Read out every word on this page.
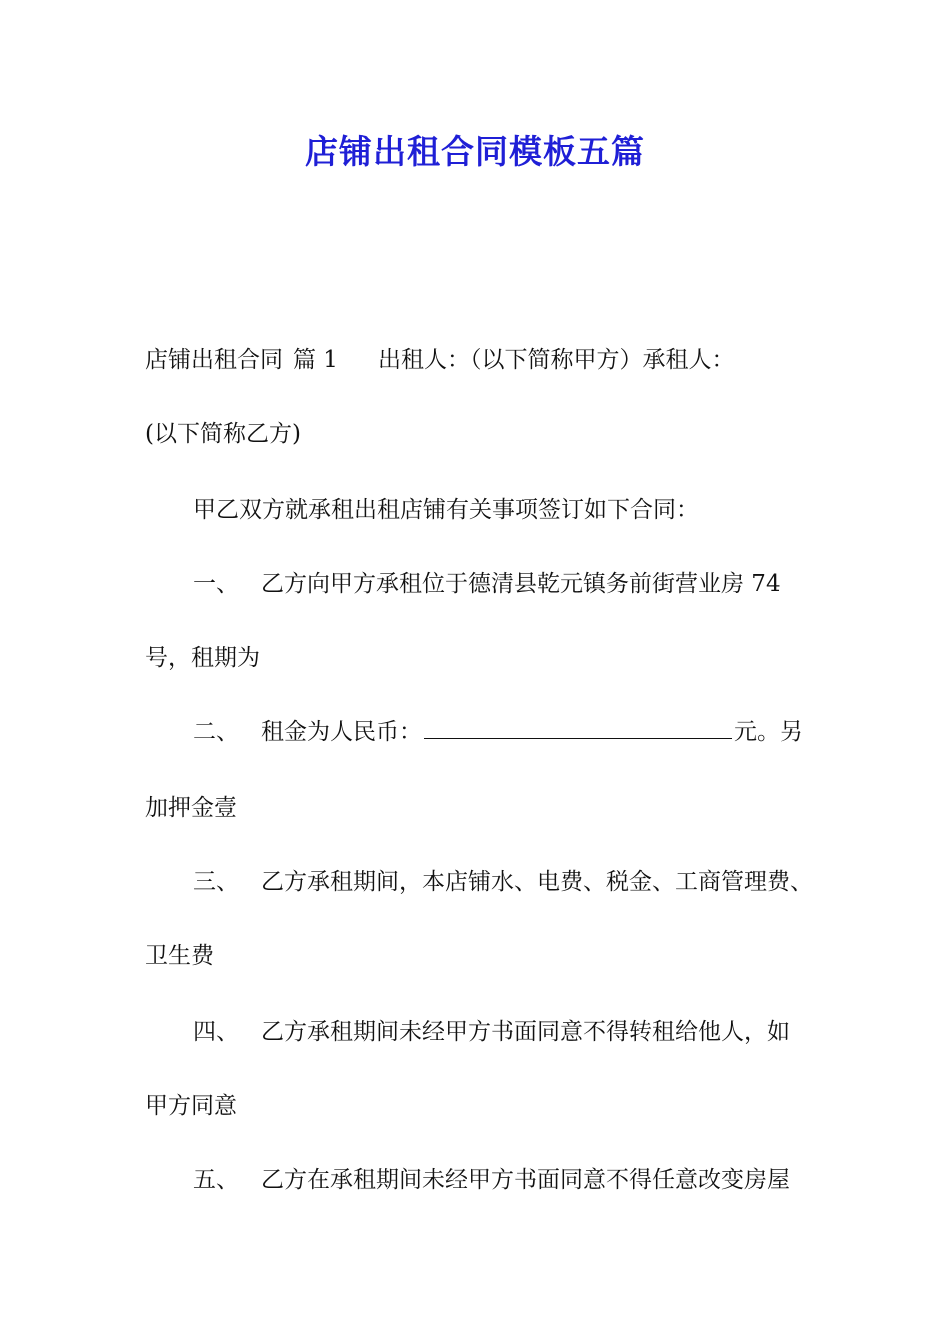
店铺出租合同模板五篇
店铺出租合同 篇 1 出租人：（以下简称甲方）承租人：
(以下简称乙方)
甲乙双方就承租出租店铺有关事项签订如下合同：
一、 乙方向甲方承租位于德清县乾元镇务前街营业房 74
号，租期为
二、 租金为人民币：	元。另
加押金壹
三、 乙方承租期间，本店铺水、电费、税金、工商管理费、
卫生费
四、 乙方承租期间未经甲方书面同意不得转租给他人，如
甲方同意
五、 乙方在承租期间未经甲方书面同意不得任意改变房屋
